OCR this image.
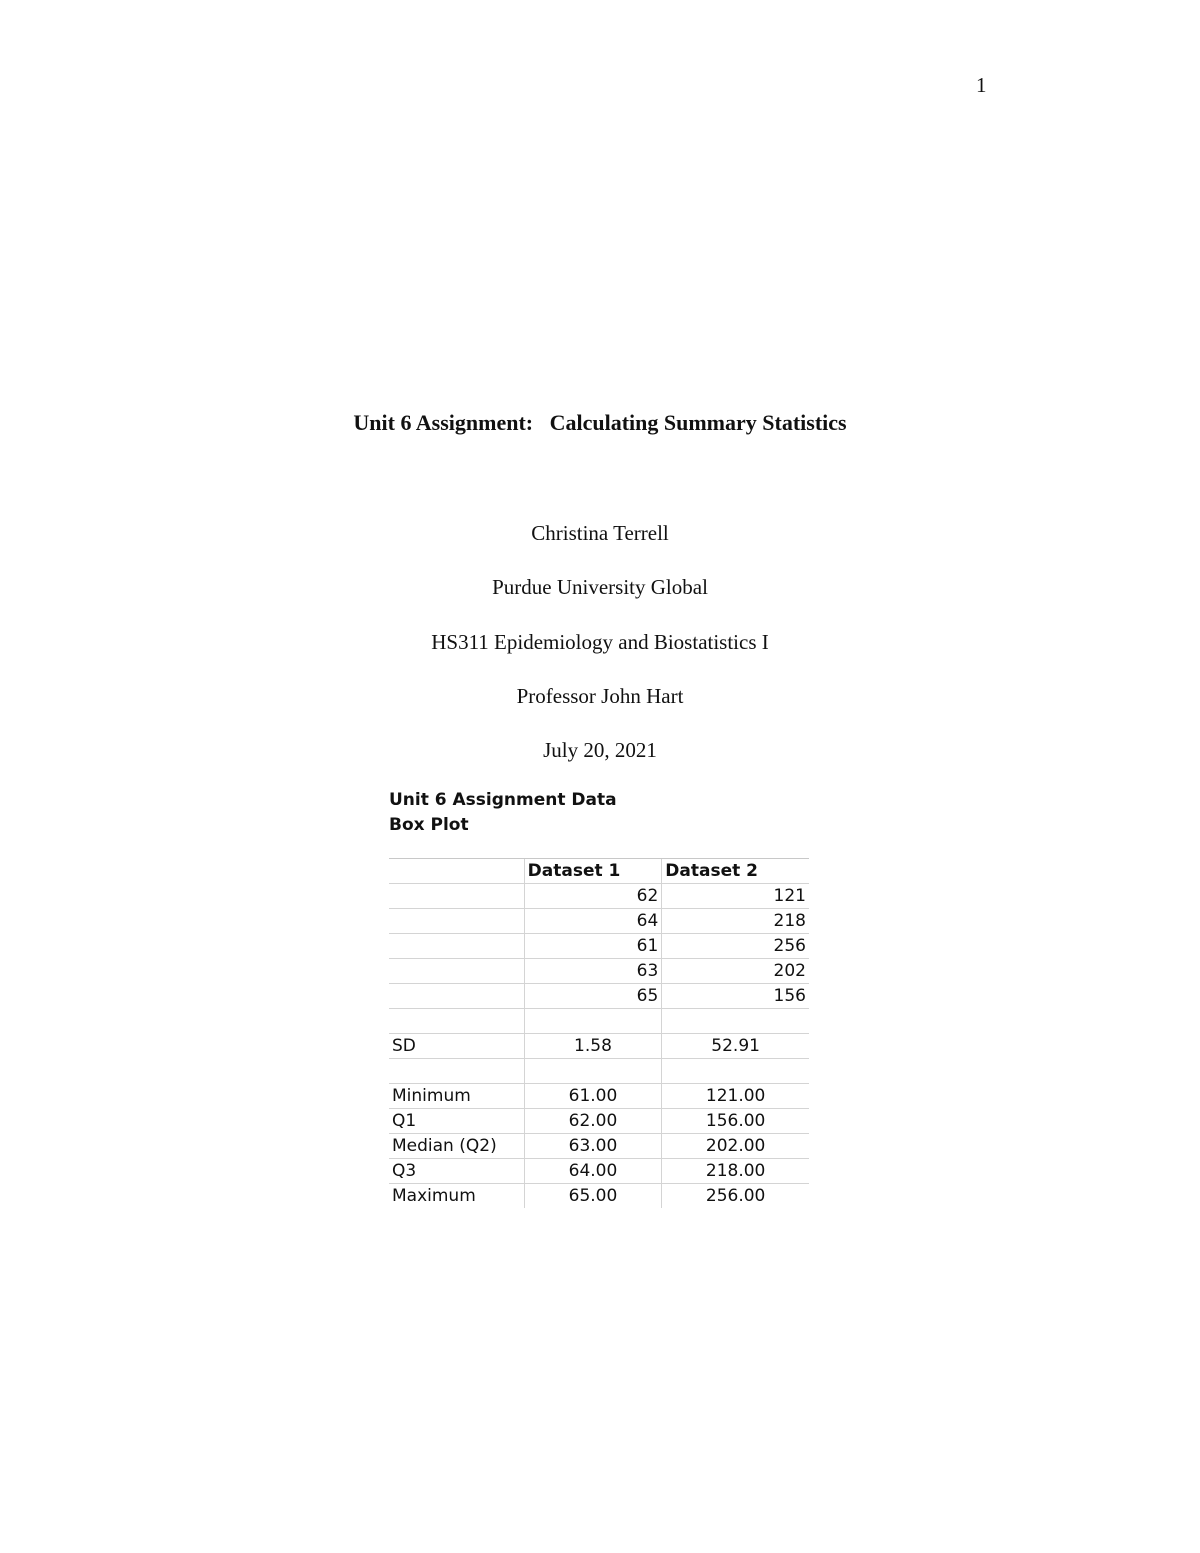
1
Unit 6 Assignment:   Calculating Summary Statistics
Christina Terrell
Purdue University Global
HS311 Epidemiology and Biostatistics I
Professor John Hart
July 20, 2021
Unit 6 Assignment Data
Box Plot
	Dataset 1	Dataset 2
	62	121
	64	218
	61	256
	63	202
	65	156

SD	1.58	52.91

Minimum	61.00	121.00
Q1	62.00	156.00
Median (Q2)	63.00	202.00
Q3	64.00	218.00
Maximum	65.00	256.00
